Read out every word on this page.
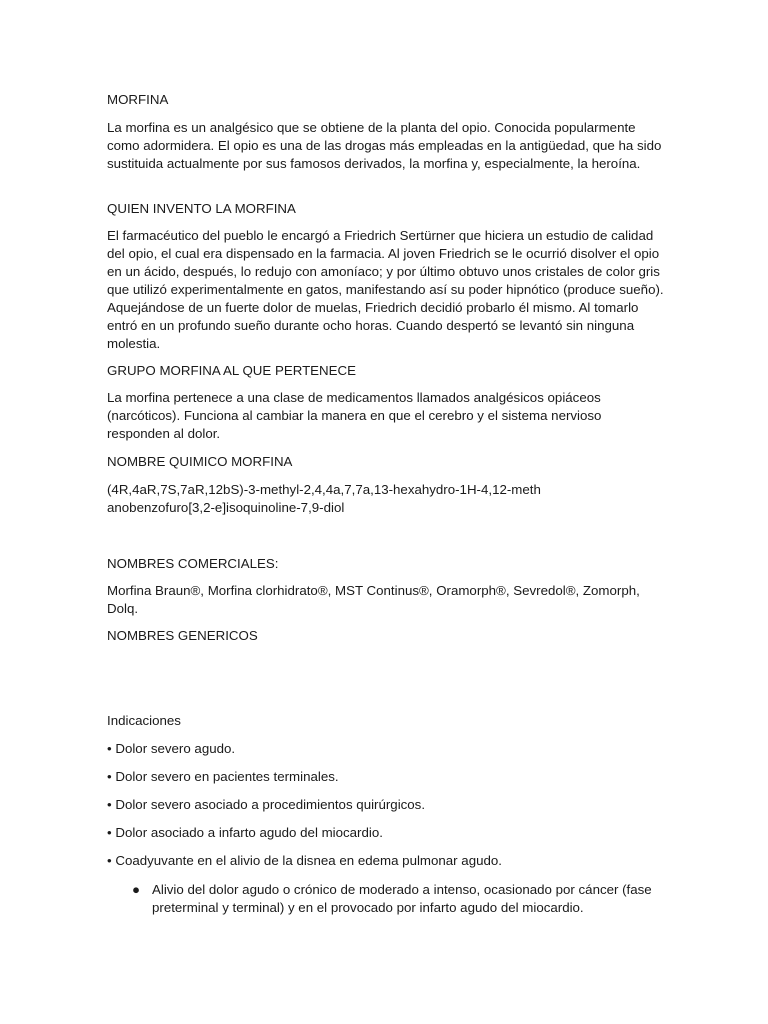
MORFINA

La morfina es un analgésico que se obtiene de la planta del opio. Conocida popularmente como adormidera. El opio es una de las drogas más empleadas en la antigüedad, que ha sido sustituida actualmente por sus famosos derivados, la morfina y, especialmente, la heroína.

QUIEN INVENTO LA MORFINA

El farmacéutico del pueblo le encargó a Friedrich Sertürner que hiciera un estudio de calidad del opio, el cual era dispensado en la farmacia. Al joven Friedrich se le ocurrió disolver el opio en un ácido, después, lo redujo con amoníaco; y por último obtuvo unos cristales de color gris que utilizó experimentalmente en gatos, manifestando así su poder hipnótico (produce sueño). Aquejándose de un fuerte dolor de muelas, Friedrich decidió probarlo él mismo. Al tomarlo entró en un profundo sueño durante ocho horas. Cuando despertó se levantó sin ninguna molestia.

GRUPO MORFINA AL QUE PERTENECE

La morfina pertenece a una clase de medicamentos llamados analgésicos opiáceos (narcóticos). Funciona al cambiar la manera en que el cerebro y el sistema nervioso responden al dolor.

NOMBRE QUIMICO MORFINA

(4R,4aR,7S,7aR,12bS)-3-methyl-2,4,4a,7,7a,13-hexahydro-1H-4,12-methanobenzofuro[3,2-e]isoquinoline-7,9-diol

NOMBRES COMERCIALES:

Morfina Braun®, Morfina clorhidrato®, MST Continus®, Oramorph®, Sevredol®, Zomorph, Dolq.

NOMBRES GENERICOS

Indicaciones

• Dolor severo agudo.

• Dolor severo en pacientes terminales.

• Dolor severo asociado a procedimientos quirúrgicos.

• Dolor asociado a infarto agudo del miocardio.

• Coadyuvante en el alivio de la disnea en edema pulmonar agudo.

● Alivio del dolor agudo o crónico de moderado a intenso, ocasionado por cáncer (fase preterminal y terminal) y en el provocado por infarto agudo del miocardio.
